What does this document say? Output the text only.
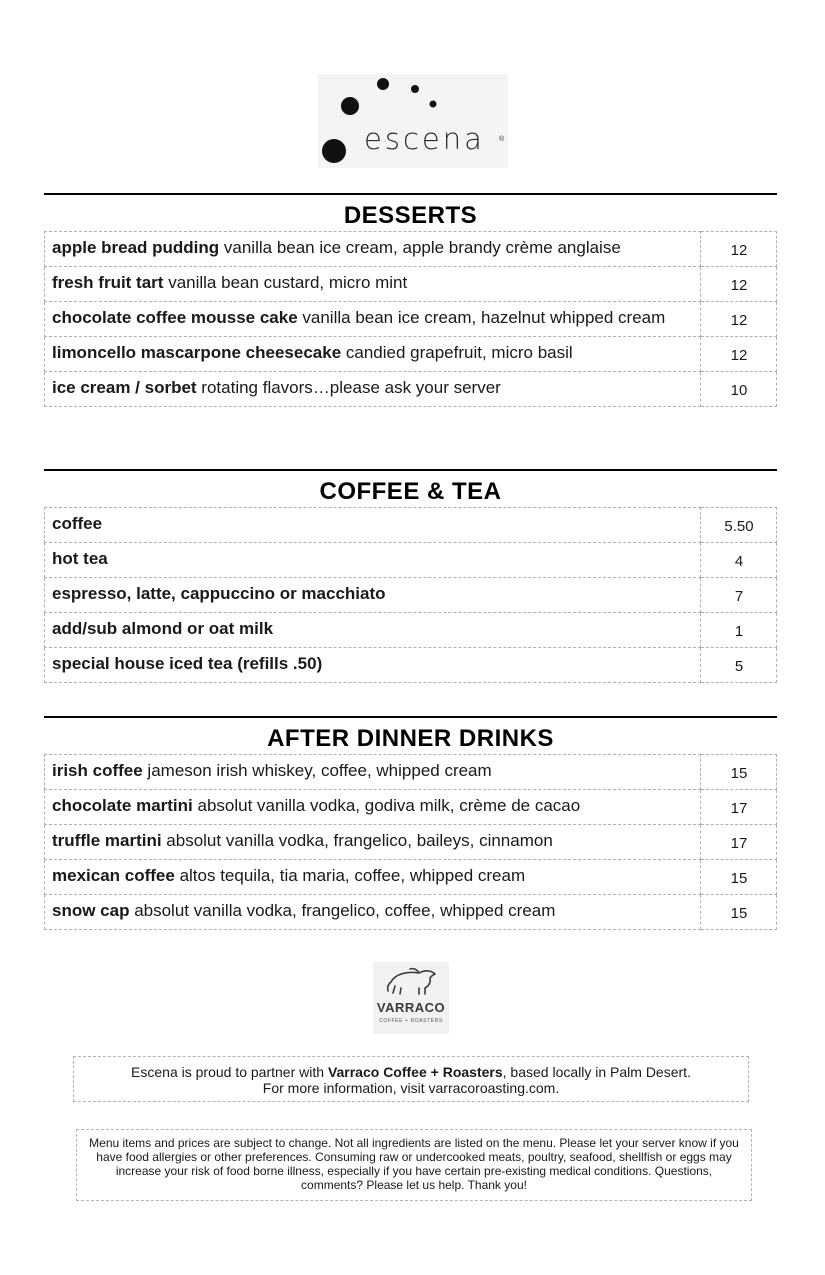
escena ®
DESSERTS
apple bread pudding vanilla bean ice cream, apple brandy crème anglaise	12
fresh fruit tart vanilla bean custard, micro mint	12
chocolate coffee mousse cake vanilla bean ice cream, hazelnut whipped cream	12
limoncello mascarpone cheesecake candied grapefruit, micro basil	12
ice cream / sorbet rotating flavors…please ask your server	10
COFFEE & TEA
coffee	5.50
hot tea	4
espresso, latte, cappuccino or macchiato	7
add/sub almond or oat milk	1
special house iced tea (refills .50)	5
AFTER DINNER DRINKS
irish coffee jameson irish whiskey, coffee, whipped cream	15
chocolate martini absolut vanilla vodka, godiva milk, crème de cacao	17
truffle martini absolut vanilla vodka, frangelico, baileys, cinnamon	17
mexican coffee altos tequila, tia maria, coffee, whipped cream	15
snow cap absolut vanilla vodka, frangelico, coffee, whipped cream	15
VARRACO
COFFEE + ROASTERS
Escena is proud to partner with Varraco Coffee + Roasters, based locally in Palm Desert.
For more information, visit varracoroasting.com.
Menu items and prices are subject to change. Not all ingredients are listed on the menu. Please let your server know if you have food allergies or other preferences. Consuming raw or undercooked meats, poultry, seafood, shellfish or eggs may increase your risk of food borne illness, especially if you have certain pre-existing medical conditions. Questions, comments? Please let us help. Thank you!
